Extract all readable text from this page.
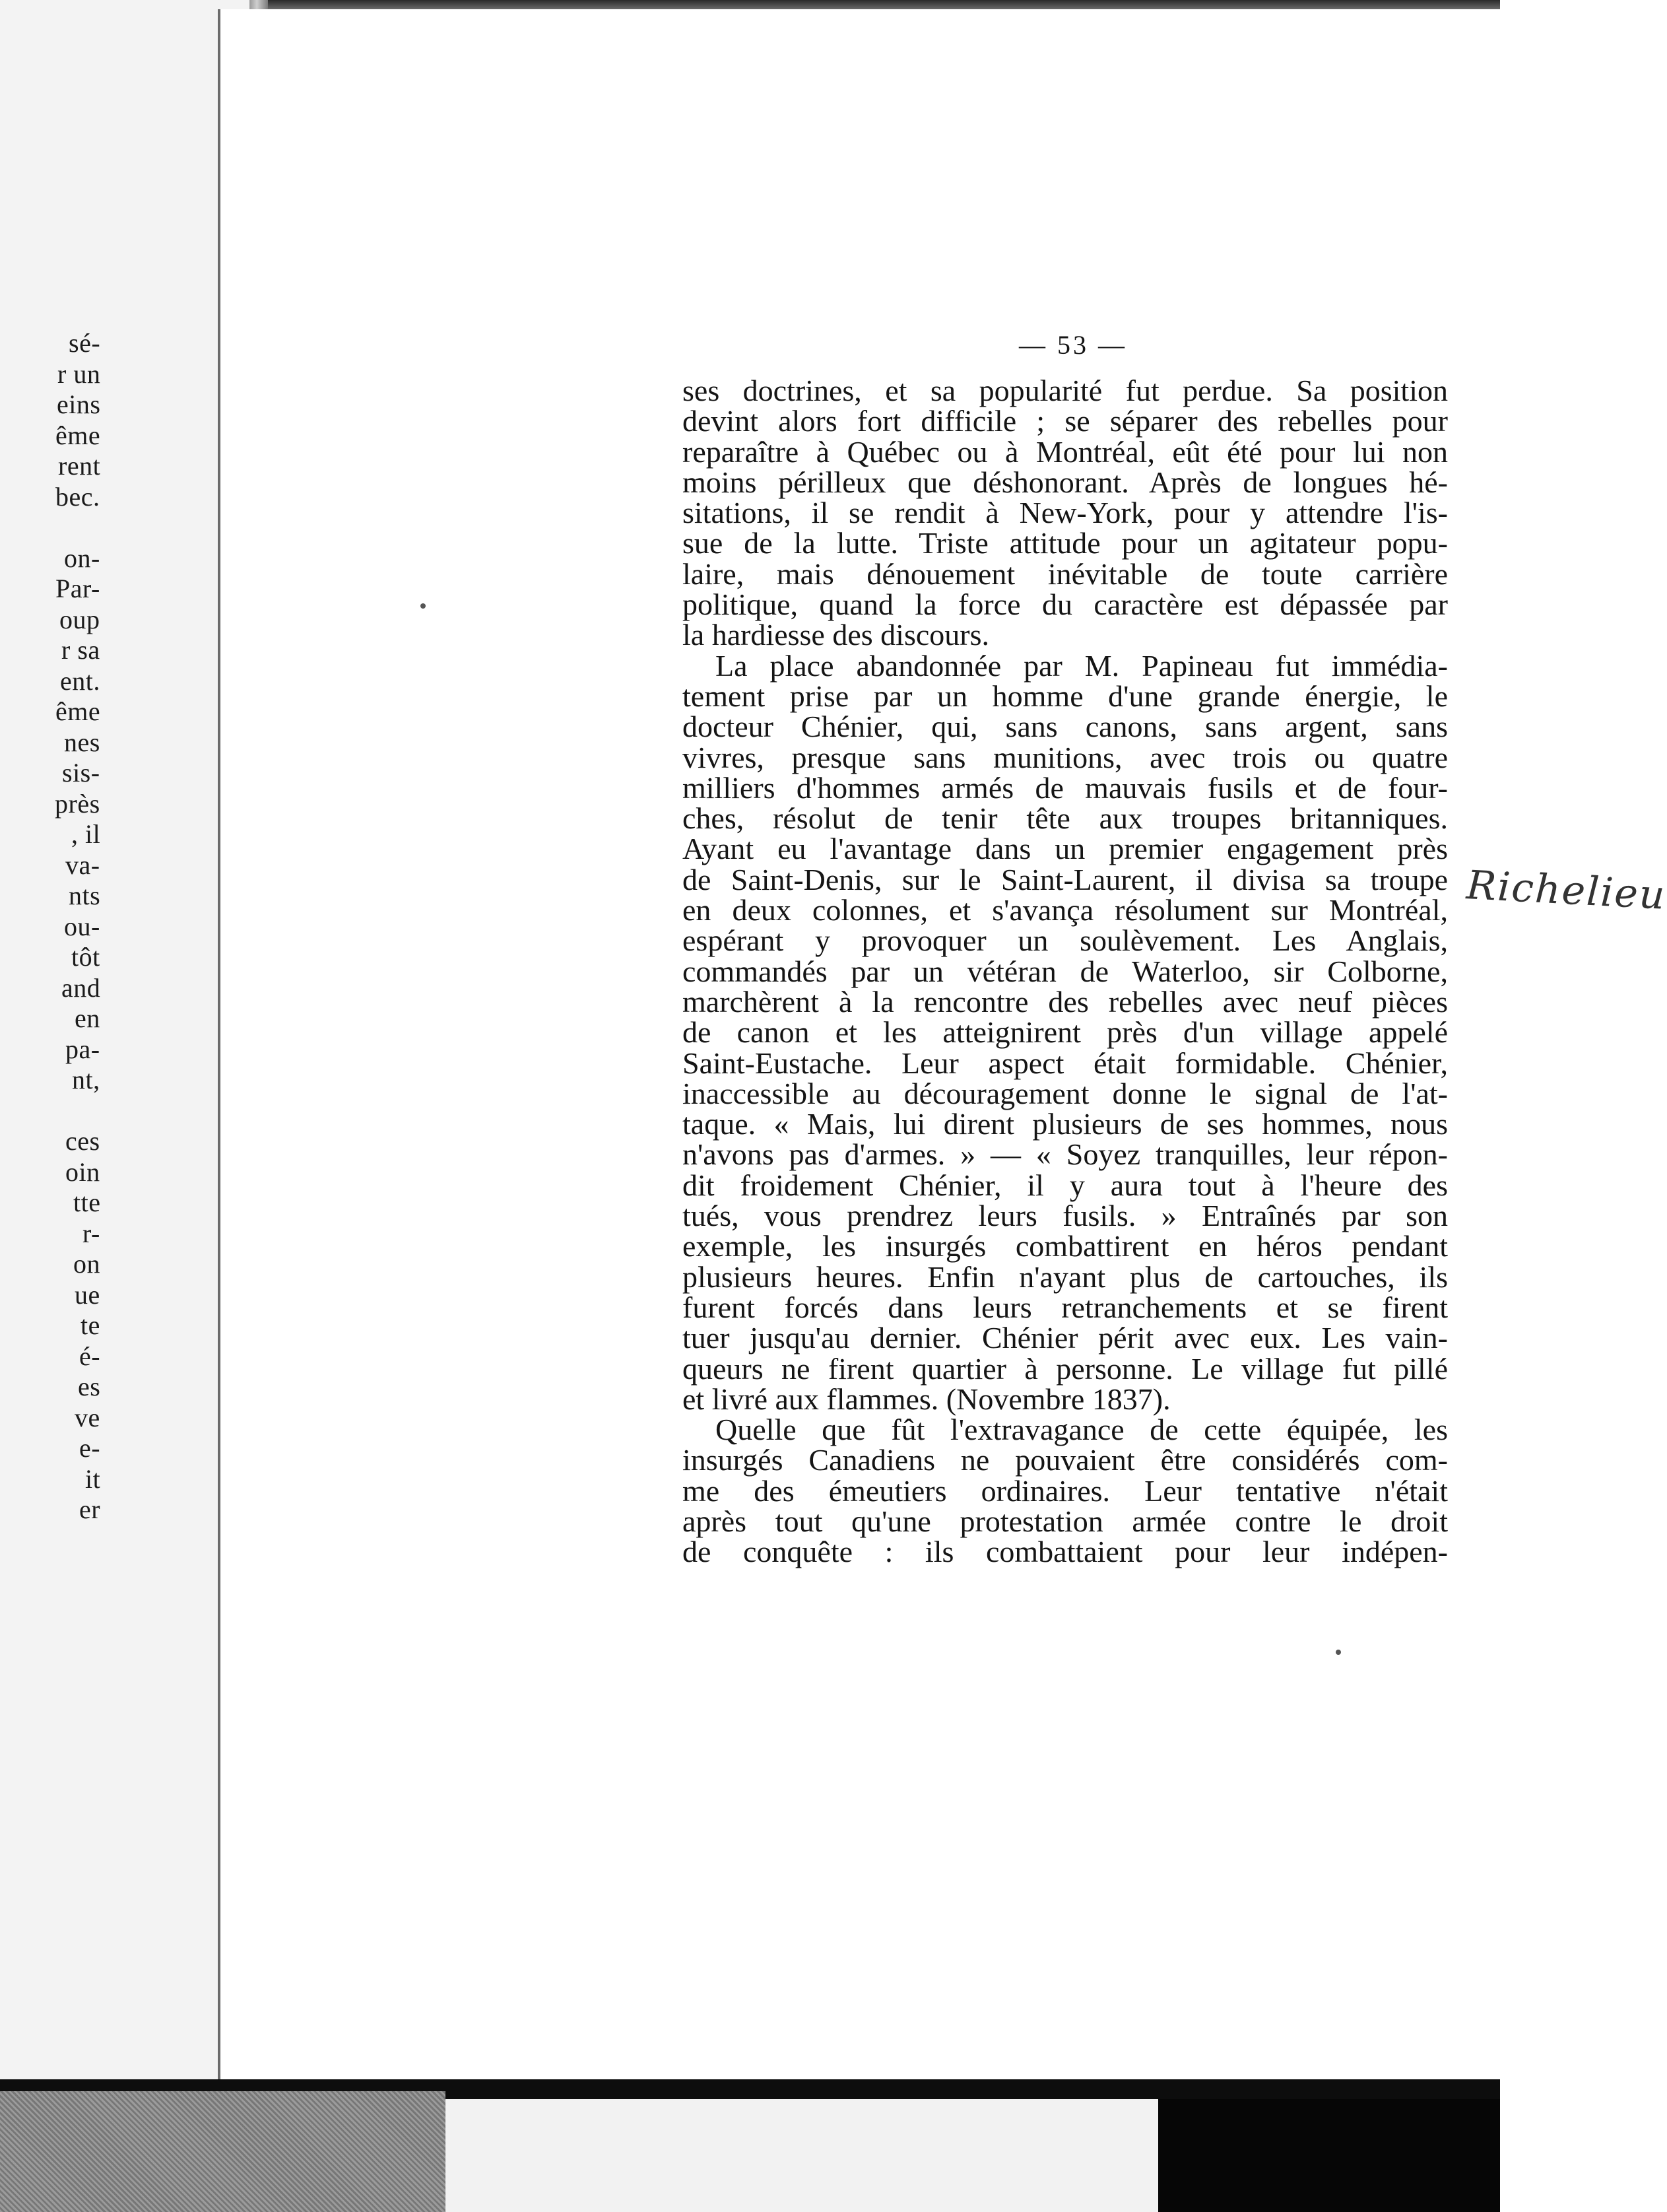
sé-
r un
eins
ême
rent
bec.
on-
Par-
oup
r sa
ent.
ême
nes
sis-
près
, il
va-
nts
ou-
tôt
and
en
pa-
nt,
ces
oin
tte
r-
on
ue
te
é-
es
ve
e-
it
er
— 53 —
ses doctrines, et sa popularité fut perdue. Sa position
devint alors fort difficile ; se séparer des rebelles pour
reparaître à Québec ou à Montréal, eût été pour lui non
moins périlleux que déshonorant. Après de longues hé-
sitations, il se rendit à New-York, pour y attendre l'is-
sue de la lutte. Triste attitude pour un agitateur popu-
laire, mais dénouement inévitable de toute carrière
politique, quand la force du caractère est dépassée par
la hardiesse des discours.
La place abandonnée par M. Papineau fut immédia-
tement prise par un homme d'une grande énergie, le
docteur Chénier, qui, sans canons, sans argent, sans
vivres, presque sans munitions, avec trois ou quatre
milliers d'hommes armés de mauvais fusils et de four-
ches, résolut de tenir tête aux troupes britanniques.
Ayant eu l'avantage dans un premier engagement près
de Saint-Denis, sur le Saint-Laurent, il divisa sa troupe
en deux colonnes, et s'avança résolument sur Montréal,
espérant y provoquer un soulèvement. Les Anglais,
commandés par un vétéran de Waterloo, sir Colborne,
marchèrent à la rencontre des rebelles avec neuf pièces
de canon et les atteignirent près d'un village appelé
Saint-Eustache. Leur aspect était formidable. Chénier,
inaccessible au découragement donne le signal de l'at-
taque. « Mais, lui dirent plusieurs de ses hommes, nous
n'avons pas d'armes. » — « Soyez tranquilles, leur répon-
dit froidement Chénier, il y aura tout à l'heure des
tués, vous prendrez leurs fusils. » Entraînés par son
exemple, les insurgés combattirent en héros pendant
plusieurs heures. Enfin n'ayant plus de cartouches, ils
furent forcés dans leurs retranchements et se firent
tuer jusqu'au dernier. Chénier périt avec eux. Les vain-
queurs ne firent quartier à personne. Le village fut pillé
et livré aux flammes. (Novembre 1837).
Quelle que fût l'extravagance de cette équipée, les
insurgés Canadiens ne pouvaient être considérés com-
me des émeutiers ordinaires. Leur tentative n'était
après tout qu'une protestation armée contre le droit
de conquête : ils combattaient pour leur indépen-
Richelieu
